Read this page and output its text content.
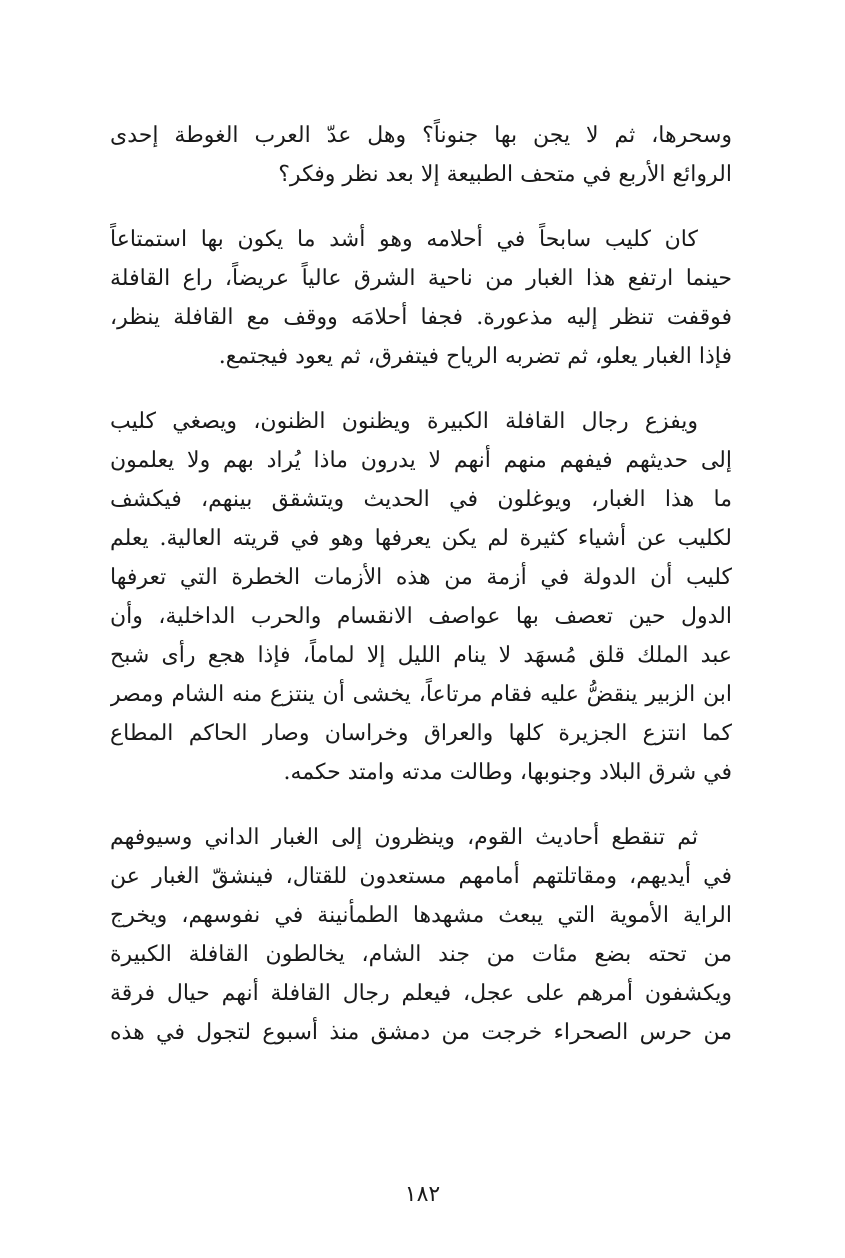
وسحرها، ثم لا يجن بها جنوناً؟ وهل عدّ العرب الغوطة إحدى
الروائع الأربع في متحف الطبيعة إلا بعد نظر وفكر؟

كان كليب سابحاً في أحلامه وهو أشد ما يكون بها استمتاعاً
حينما ارتفع هذا الغبار من ناحية الشرق عالياً عريضاً، راع القافلة
فوقفت تنظر إليه مذعورة. فجفا أحلامَه ووقف مع القافلة ينظر،
فإذا الغبار يعلو، ثم تضربه الرياح فيتفرق، ثم يعود فيجتمع.

ويفزع رجال القافلة الكبيرة ويظنون الظنون، ويصغي كليب
إلى حديثهم فيفهم منهم أنهم لا يدرون ماذا يُراد بهم ولا يعلمون
ما هذا الغبار، ويوغلون في الحديث ويتشقق بينهم، فيكشف
لكليب عن أشياء كثيرة لم يكن يعرفها وهو في قريته العالية. يعلم
كليب أن الدولة في أزمة من هذه الأزمات الخطرة التي تعرفها
الدول حين تعصف بها عواصف الانقسام والحرب الداخلية، وأن
عبد الملك قلق مُسهَد لا ينام الليل إلا لماماً، فإذا هجع رأى شبح
ابن الزبير ينقضُّ عليه فقام مرتاعاً، يخشى أن ينتزع منه الشام ومصر
كما انتزع الجزيرة كلها والعراق وخراسان وصار الحاكم المطاع
في شرق البلاد وجنوبها، وطالت مدته وامتد حكمه.

ثم تنقطع أحاديث القوم، وينظرون إلى الغبار الداني وسيوفهم
في أيديهم، ومقاتلتهم أمامهم مستعدون للقتال، فينشقّ الغبار عن
الراية الأموية التي يبعث مشهدها الطمأنينة في نفوسهم، ويخرج
من تحته بضع مئات من جند الشام، يخالطون القافلة الكبيرة
ويكشفون أمرهم على عجل، فيعلم رجال القافلة أنهم حيال فرقة
من حرس الصحراء خرجت من دمشق منذ أسبوع لتجول في هذه

١٨٢
